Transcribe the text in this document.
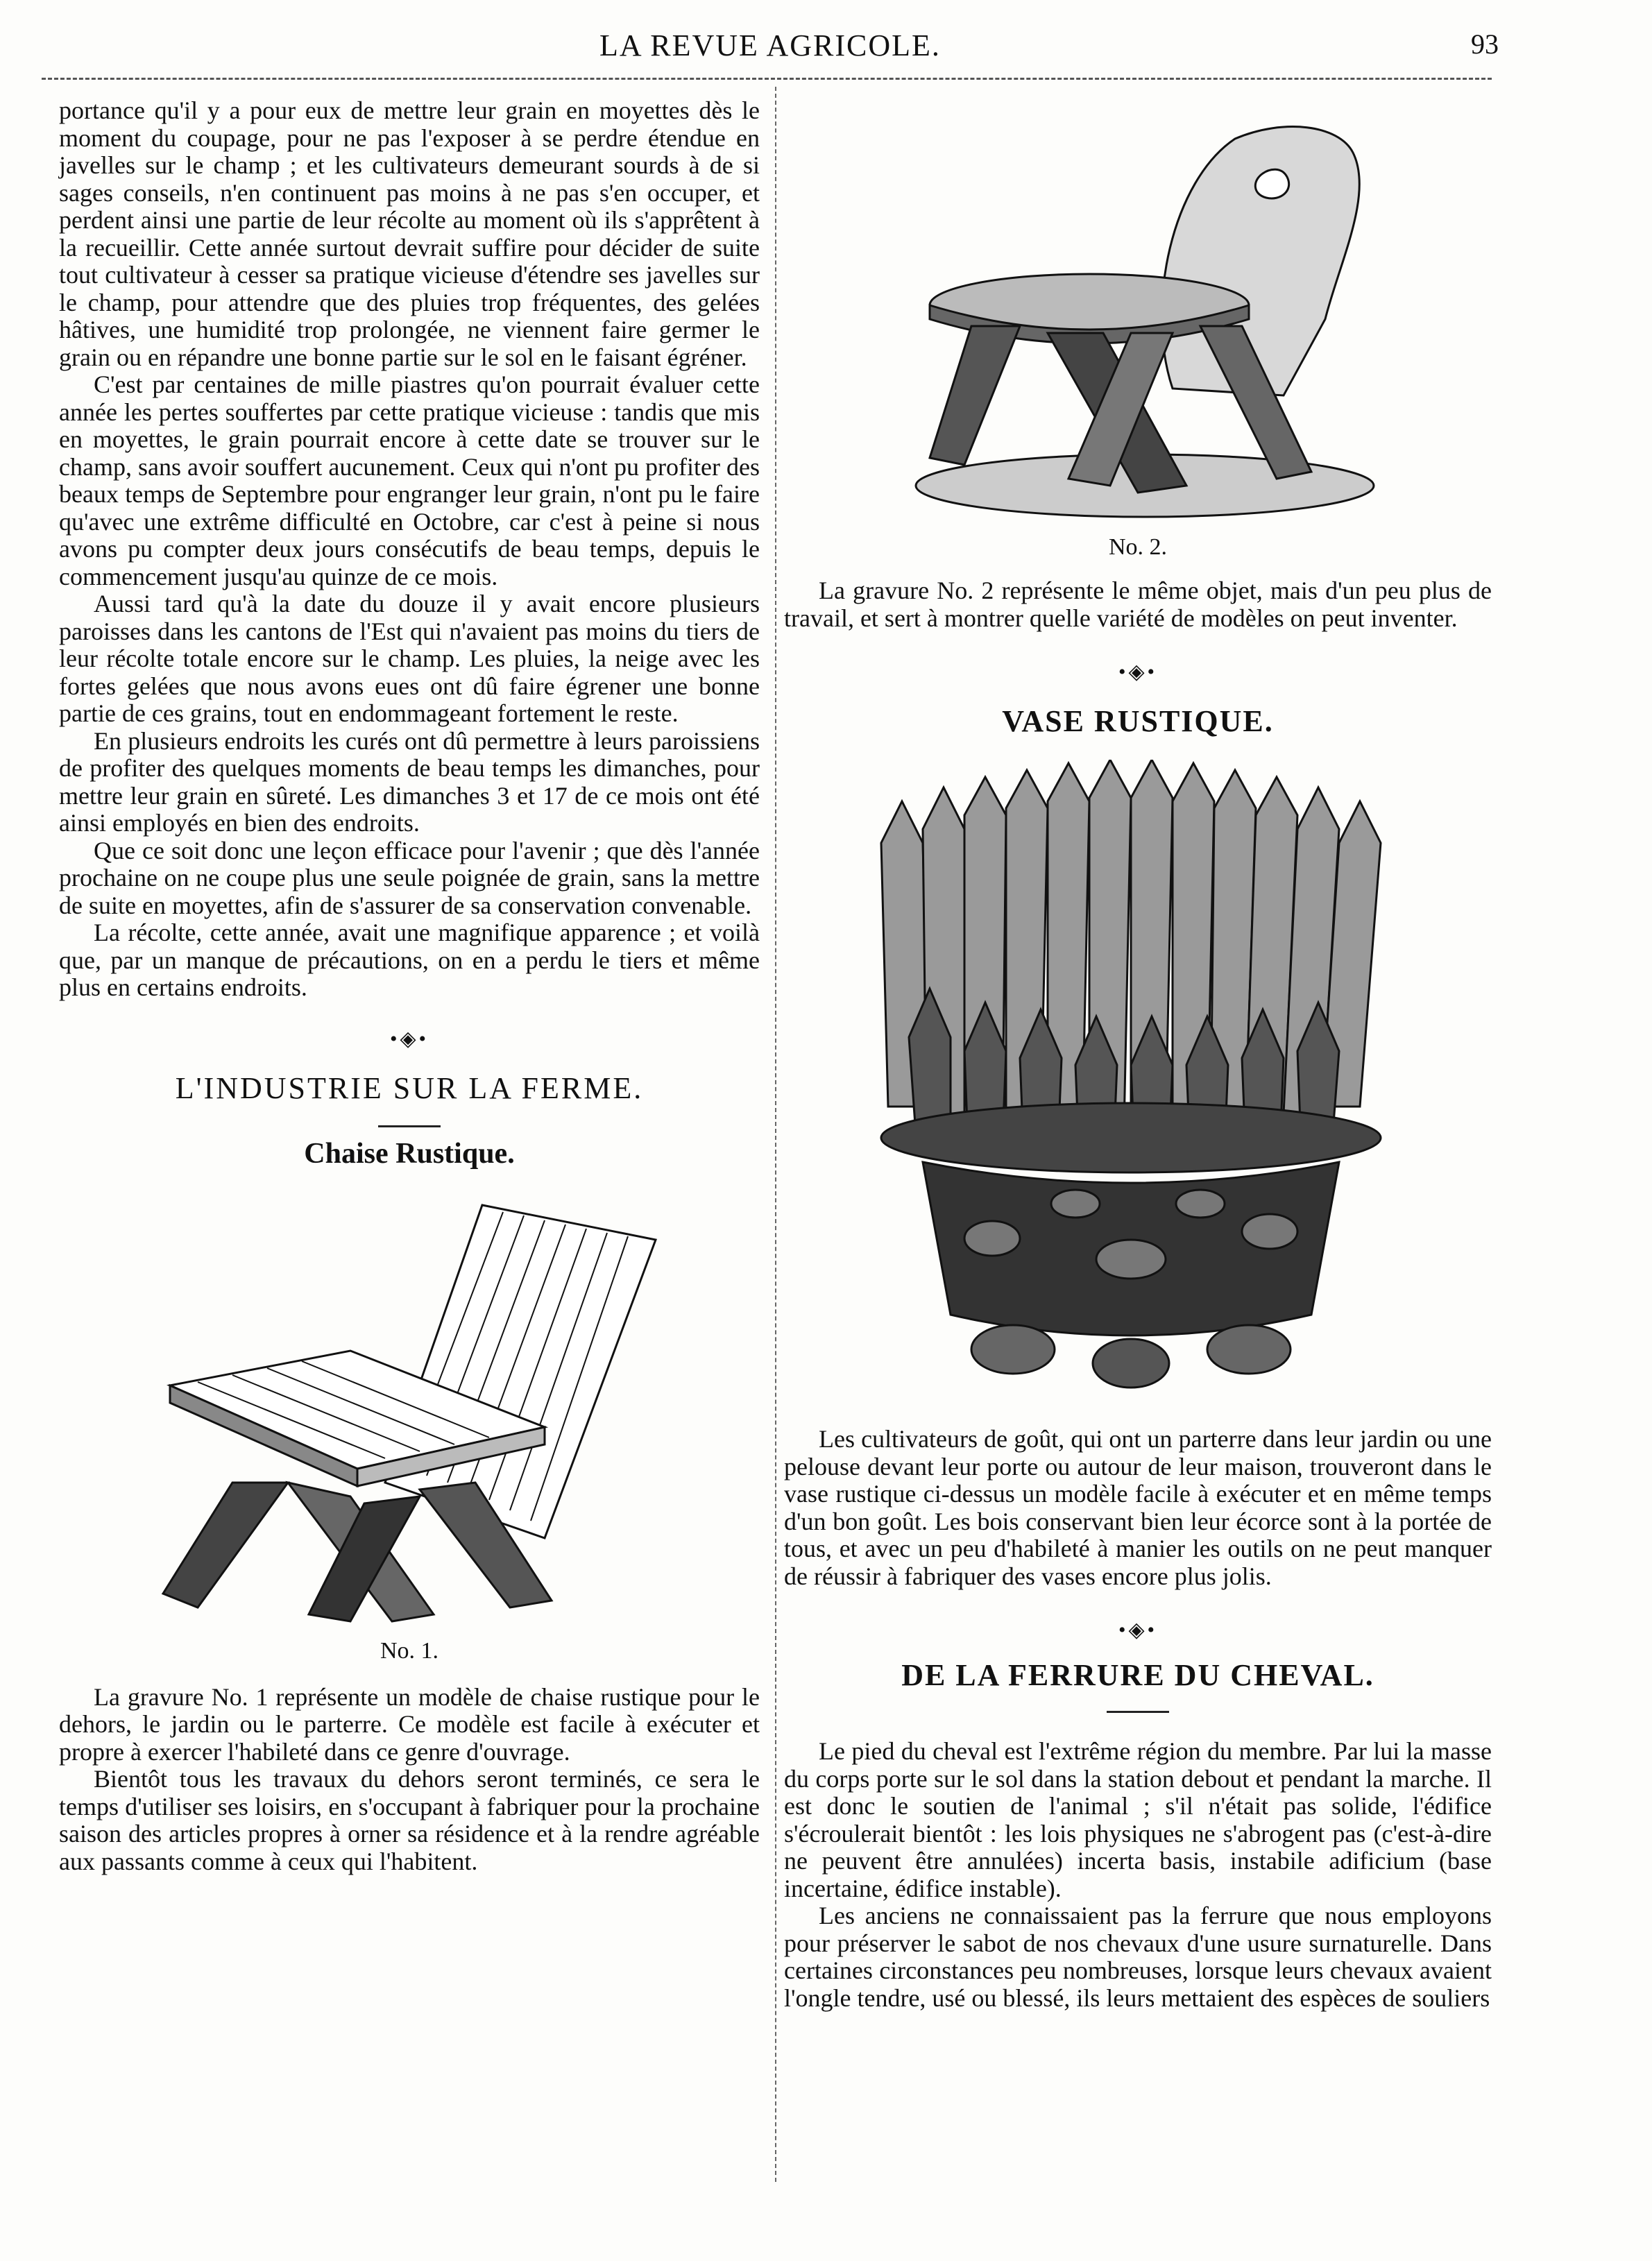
LA REVUE AGRICOLE.	93

portance qu'il y a pour eux de mettre leur grain en moyettes dès le moment du coupage, pour ne pas l'exposer à se perdre étendue en javelles sur le champ ; et les cultivateurs demeurant sourds à de si sages conseils, n'en continuent pas moins à ne pas s'en occuper, et perdent ainsi une partie de leur récolte au moment où ils s'apprêtent à la recueillir. Cette année surtout devrait suffire pour décider de suite tout cultivateur à cesser sa pratique vicieuse d'étendre ses javelles sur le champ, pour attendre que des pluies trop fréquentes, des gelées hâtives, une humidité trop prolongée, ne viennent faire germer le grain ou en répandre une bonne partie sur le sol en le faisant égréner.

C'est par centaines de mille piastres qu'on pourrait évaluer cette année les pertes souffertes par cette pratique vicieuse : tandis que mis en moyettes, le grain pourrait encore à cette date se trouver sur le champ, sans avoir souffert aucunement. Ceux qui n'ont pu profiter des beaux temps de Septembre pour engranger leur grain, n'ont pu le faire qu'avec une extrême difficulté en Octobre, car c'est à peine si nous avons pu compter deux jours consécutifs de beau temps, depuis le commencement jusqu'au quinze de ce mois.

Aussi tard qu'à la date du douze il y avait encore plusieurs paroisses dans les cantons de l'Est qui n'avaient pas moins du tiers de leur récolte totale encore sur le champ. Les pluies, la neige avec les fortes gelées que nous avons eues ont dû faire égrener une bonne partie de ces grains, tout en endommageant fortement le reste.

En plusieurs endroits les curés ont dû permettre à leurs paroissiens de profiter des quelques moments de beau temps les dimanches, pour mettre leur grain en sûreté. Les dimanches 3 et 17 de ce mois ont été ainsi employés en bien des endroits.

Que ce soit donc une leçon efficace pour l'avenir ; que dès l'année prochaine on ne coupe plus une seule poignée de grain, sans la mettre de suite en moyettes, afin de s'assurer de sa conservation convenable.

La récolte, cette année, avait une magnifique apparence ; et voilà que, par un manque de précautions, on en a perdu le tiers et même plus en certains endroits.

•◈•
L'INDUSTRIE SUR LA FERME.
Chaise Rustique.

No. 1.

La gravure No. 1 représente un modèle de chaise rustique pour le dehors, le jardin ou le parterre. Ce modèle est facile à exécuter et propre à exercer l'habileté dans ce genre d'ouvrage.

Bientôt tous les travaux du dehors seront terminés, ce sera le temps d'utiliser ses loisirs, en s'occupant à fabriquer pour la prochaine saison des articles propres à orner sa résidence et à la rendre agréable aux passants comme à ceux qui l'habitent.

No. 2.

La gravure No. 2 représente le même objet, mais d'un peu plus de travail, et sert à montrer quelle variété de modèles on peut inventer.

•◈•
VASE RUSTIQUE.

Les cultivateurs de goût, qui ont un parterre dans leur jardin ou une pelouse devant leur porte ou autour de leur maison, trouveront dans le vase rustique ci-dessus un modèle facile à exécuter et en même temps d'un bon goût. Les bois conservant bien leur écorce sont à la portée de tous, et avec un peu d'habileté à manier les outils on ne peut manquer de réussir à fabriquer des vases encore plus jolis.

•◈•
DE LA FERRURE DU CHEVAL.

Le pied du cheval est l'extrême région du membre. Par lui la masse du corps porte sur le sol dans la station debout et pendant la marche. Il est donc le soutien de l'animal ; s'il n'était pas solide, l'édifice s'écroulerait bientôt : les lois physiques ne s'abrogent pas (c'est-à-dire ne peuvent être annulées) incerta basis, instabile adificium (base incertaine, édifice instable).

Les anciens ne connaissaient pas la ferrure que nous employons pour préserver le sabot de nos chevaux d'une usure surnaturelle. Dans certaines circonstances peu nombreuses, lorsque leurs chevaux avaient l'ongle tendre, usé ou blessé, ils leurs mettaient des espèces de souliers
